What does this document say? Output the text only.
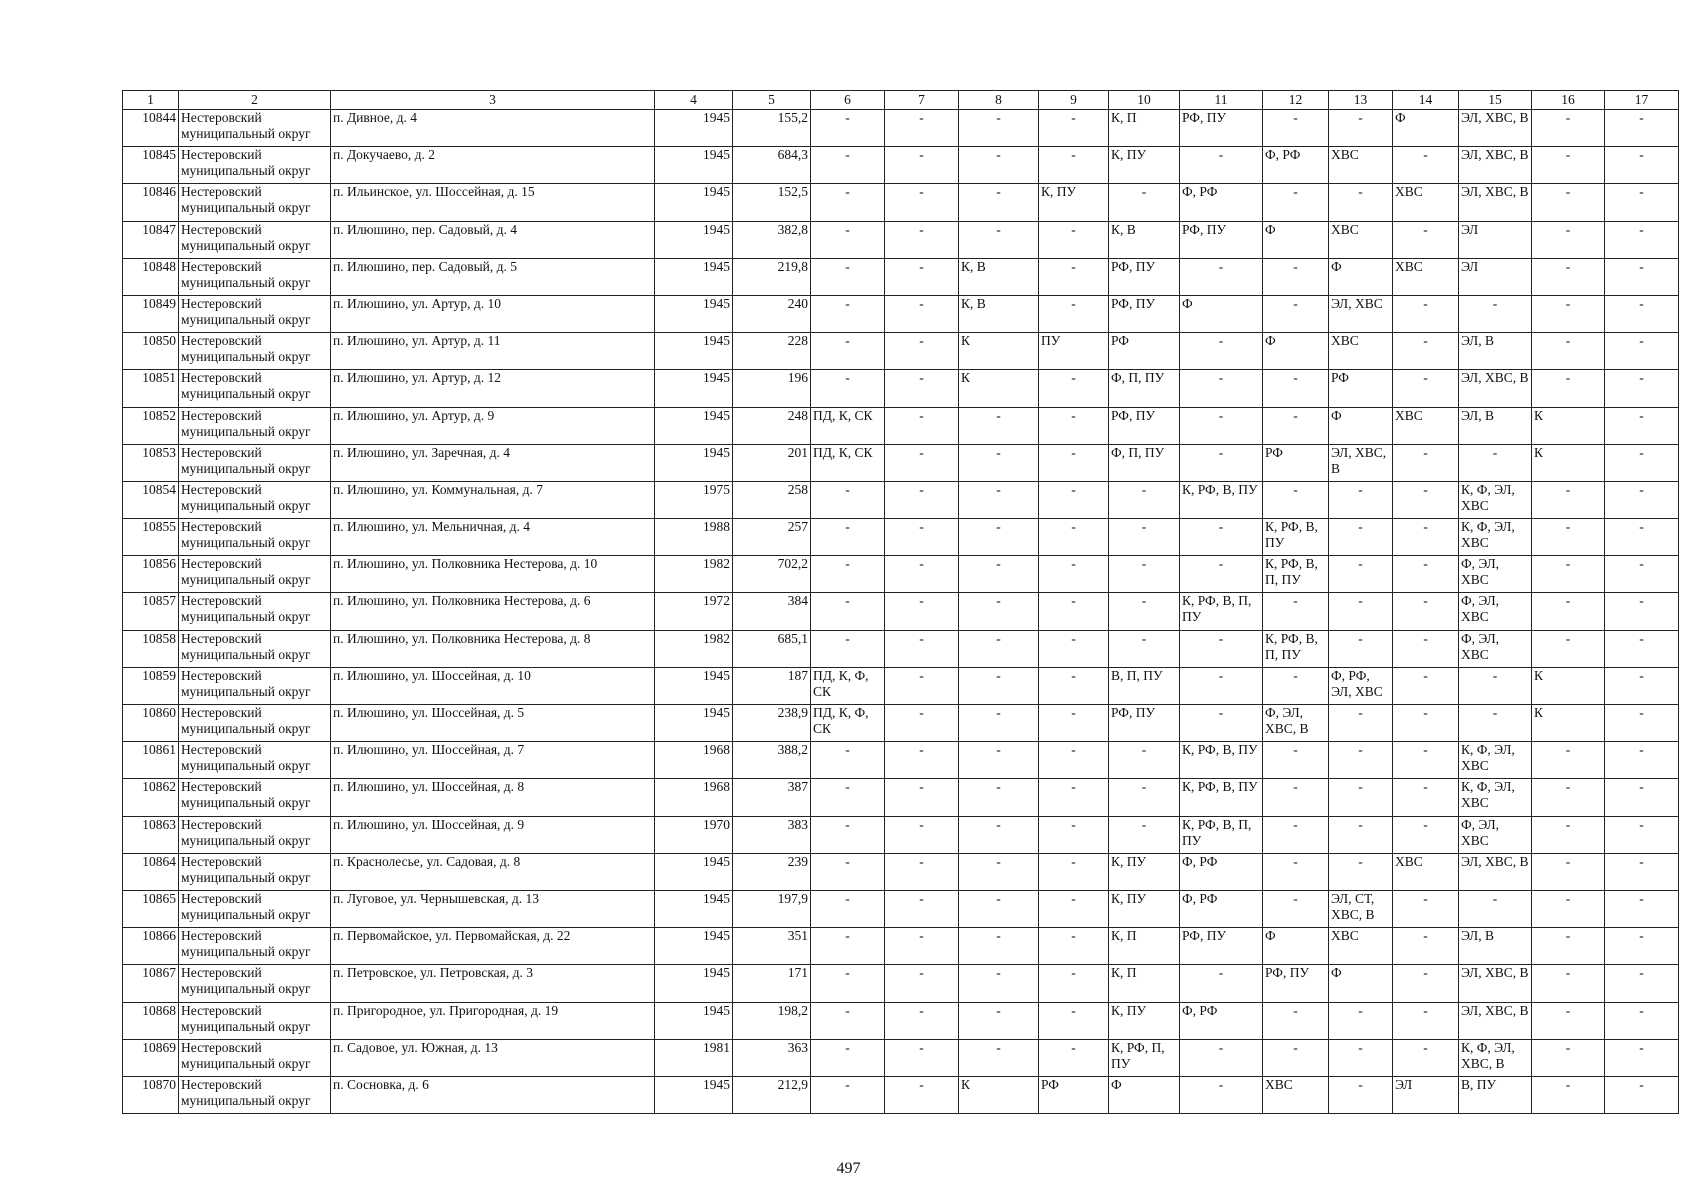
1	2	3	4	5	6	7	8	9	10	11	12	13	14	15	16	17
10844	Нестеровский муниципальный округ	п. Дивное, д. 4	1945	155,2	-	-	-	-	К, П	РФ, ПУ	-	-	Ф	ЭЛ, ХВС, В	-	-
10845	Нестеровский муниципальный округ	п. Докучаево, д. 2	1945	684,3	-	-	-	-	К, ПУ	-	Ф, РФ	ХВС	-	ЭЛ, ХВС, В	-	-
10846	Нестеровский муниципальный округ	п. Ильинское, ул. Шоссейная, д. 15	1945	152,5	-	-	-	К, ПУ	-	Ф, РФ	-	-	ХВС	ЭЛ, ХВС, В	-	-
10847	Нестеровский муниципальный округ	п. Илюшино, пер. Садовый, д. 4	1945	382,8	-	-	-	-	К, В	РФ, ПУ	Ф	ХВС	-	ЭЛ	-	-
10848	Нестеровский муниципальный округ	п. Илюшино, пер. Садовый, д. 5	1945	219,8	-	-	К, В	-	РФ, ПУ	-	-	Ф	ХВС	ЭЛ	-	-
10849	Нестеровский муниципальный округ	п. Илюшино, ул. Артур, д. 10	1945	240	-	-	К, В	-	РФ, ПУ	Ф	-	ЭЛ, ХВС	-	-	-	-
10850	Нестеровский муниципальный округ	п. Илюшино, ул. Артур, д. 11	1945	228	-	-	К	ПУ	РФ	-	Ф	ХВС	-	ЭЛ, В	-	-
10851	Нестеровский муниципальный округ	п. Илюшино, ул. Артур, д. 12	1945	196	-	-	К	-	Ф, П, ПУ	-	-	РФ	-	ЭЛ, ХВС, В	-	-
10852	Нестеровский муниципальный округ	п. Илюшино, ул. Артур, д. 9	1945	248	ПД, К, СК	-	-	-	РФ, ПУ	-	-	Ф	ХВС	ЭЛ, В	К	-
10853	Нестеровский муниципальный округ	п. Илюшино, ул. Заречная, д. 4	1945	201	ПД, К, СК	-	-	-	Ф, П, ПУ	-	РФ	ЭЛ, ХВС, В	-	-	К	-
10854	Нестеровский муниципальный округ	п. Илюшино, ул. Коммунальная, д. 7	1975	258	-	-	-	-	-	К, РФ, В, ПУ	-	-	-	К, Ф, ЭЛ, ХВС	-	-
10855	Нестеровский муниципальный округ	п. Илюшино, ул. Мельничная, д. 4	1988	257	-	-	-	-	-	-	К, РФ, В, ПУ	-	-	К, Ф, ЭЛ, ХВС	-	-
10856	Нестеровский муниципальный округ	п. Илюшино, ул. Полковника Нестерова, д. 10	1982	702,2	-	-	-	-	-	-	К, РФ, В, П, ПУ	-	-	Ф, ЭЛ, ХВС	-	-
10857	Нестеровский муниципальный округ	п. Илюшино, ул. Полковника Нестерова, д. 6	1972	384	-	-	-	-	-	К, РФ, В, П, ПУ	-	-	-	Ф, ЭЛ, ХВС	-	-
10858	Нестеровский муниципальный округ	п. Илюшино, ул. Полковника Нестерова, д. 8	1982	685,1	-	-	-	-	-	-	К, РФ, В, П, ПУ	-	-	Ф, ЭЛ, ХВС	-	-
10859	Нестеровский муниципальный округ	п. Илюшино, ул. Шоссейная, д. 10	1945	187	ПД, К, Ф, СК	-	-	-	В, П, ПУ	-	-	Ф, РФ, ЭЛ, ХВС	-	-	К	-
10860	Нестеровский муниципальный округ	п. Илюшино, ул. Шоссейная, д. 5	1945	238,9	ПД, К, Ф, СК	-	-	-	РФ, ПУ	-	Ф, ЭЛ, ХВС, В	-	-	-	К	-
10861	Нестеровский муниципальный округ	п. Илюшино, ул. Шоссейная, д. 7	1968	388,2	-	-	-	-	-	К, РФ, В, ПУ	-	-	-	К, Ф, ЭЛ, ХВС	-	-
10862	Нестеровский муниципальный округ	п. Илюшино, ул. Шоссейная, д. 8	1968	387	-	-	-	-	-	К, РФ, В, ПУ	-	-	-	К, Ф, ЭЛ, ХВС	-	-
10863	Нестеровский муниципальный округ	п. Илюшино, ул. Шоссейная, д. 9	1970	383	-	-	-	-	-	К, РФ, В, П, ПУ	-	-	-	Ф, ЭЛ, ХВС	-	-
10864	Нестеровский муниципальный округ	п. Краснолесье, ул. Садовая, д. 8	1945	239	-	-	-	-	К, ПУ	Ф, РФ	-	-	ХВС	ЭЛ, ХВС, В	-	-
10865	Нестеровский муниципальный округ	п. Луговое, ул. Чернышевская, д. 13	1945	197,9	-	-	-	-	К, ПУ	Ф, РФ	-	ЭЛ, СТ, ХВС, В	-	-	-	-
10866	Нестеровский муниципальный округ	п. Первомайское, ул. Первомайская, д. 22	1945	351	-	-	-	-	К, П	РФ, ПУ	Ф	ХВС	-	ЭЛ, В	-	-
10867	Нестеровский муниципальный округ	п. Петровское, ул. Петровская, д. 3	1945	171	-	-	-	-	К, П	-	РФ, ПУ	Ф	-	ЭЛ, ХВС, В	-	-
10868	Нестеровский муниципальный округ	п. Пригородное, ул. Пригородная, д. 19	1945	198,2	-	-	-	-	К, ПУ	Ф, РФ	-	-	-	ЭЛ, ХВС, В	-	-
10869	Нестеровский муниципальный округ	п. Садовое, ул. Южная, д. 13	1981	363	-	-	-	-	К, РФ, П, ПУ	-	-	-	-	К, Ф, ЭЛ, ХВС, В	-	-
10870	Нестеровский муниципальный округ	п. Сосновка, д. 6	1945	212,9	-	-	К	РФ	Ф	-	ХВС	-	ЭЛ	В, ПУ	-	-
497
